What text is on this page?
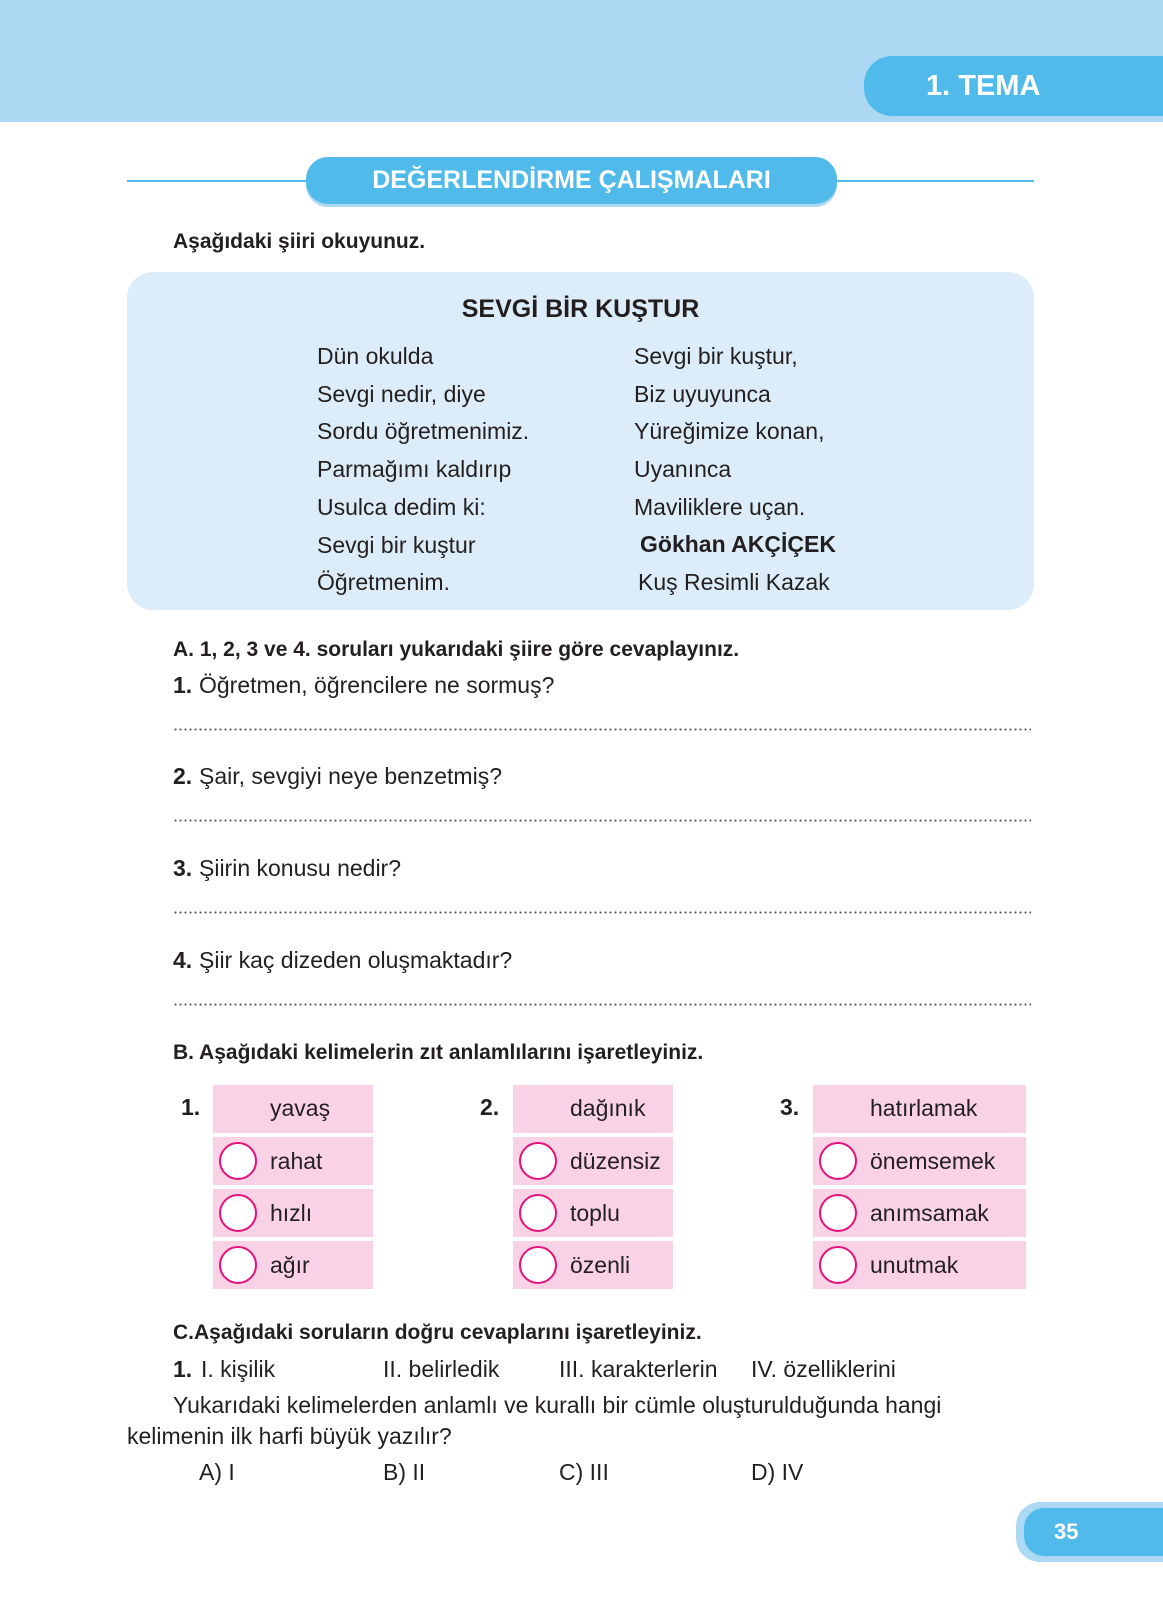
1. TEMA
DEĞERLENDİRME ÇALIŞMALARI
Aşağıdaki şiiri okuyunuz.
SEVGİ BİR KUŞTUR
Dün okulda
Sevgi nedir, diye
Sordu öğretmenimiz.
Parmağımı kaldırıp
Usulca dedim ki:
Sevgi bir kuştur
Öğretmenim.
Sevgi bir kuştur,
Biz uyuyunca
Yüreğimize konan,
Uyanınca
Maviliklere uçan.
Gökhan AKÇİÇEK
Kuş Resimli Kazak
A. 1, 2, 3 ve 4. soruları yukarıdaki şiire göre cevaplayınız.
1. Öğretmen, öğrencilere ne sormuş?
2. Şair, sevgiyi neye benzetmiş?
3. Şiirin konusu nedir?
4. Şiir kaç dizeden oluşmaktadır?
B. Aşağıdaki kelimelerin zıt anlamlılarını işaretleyiniz.
1.	yavaş
rahat
hızlı
ağır
2.	dağınık
düzensiz
toplu
özenli
3.	hatırlamak
önemsemek
anımsamak
unutmak
C.Aşağıdaki soruların doğru cevaplarını işaretleyiniz.
1. I. kişilik	II. belirledik	III. karakterlerin IV. özelliklerini
Yukarıdaki kelimelerden anlamlı ve kurallı bir cümle oluşturulduğunda hangi
kelimenin ilk harfi büyük yazılır?
A) I	B) II	C) III	D) IV
35
